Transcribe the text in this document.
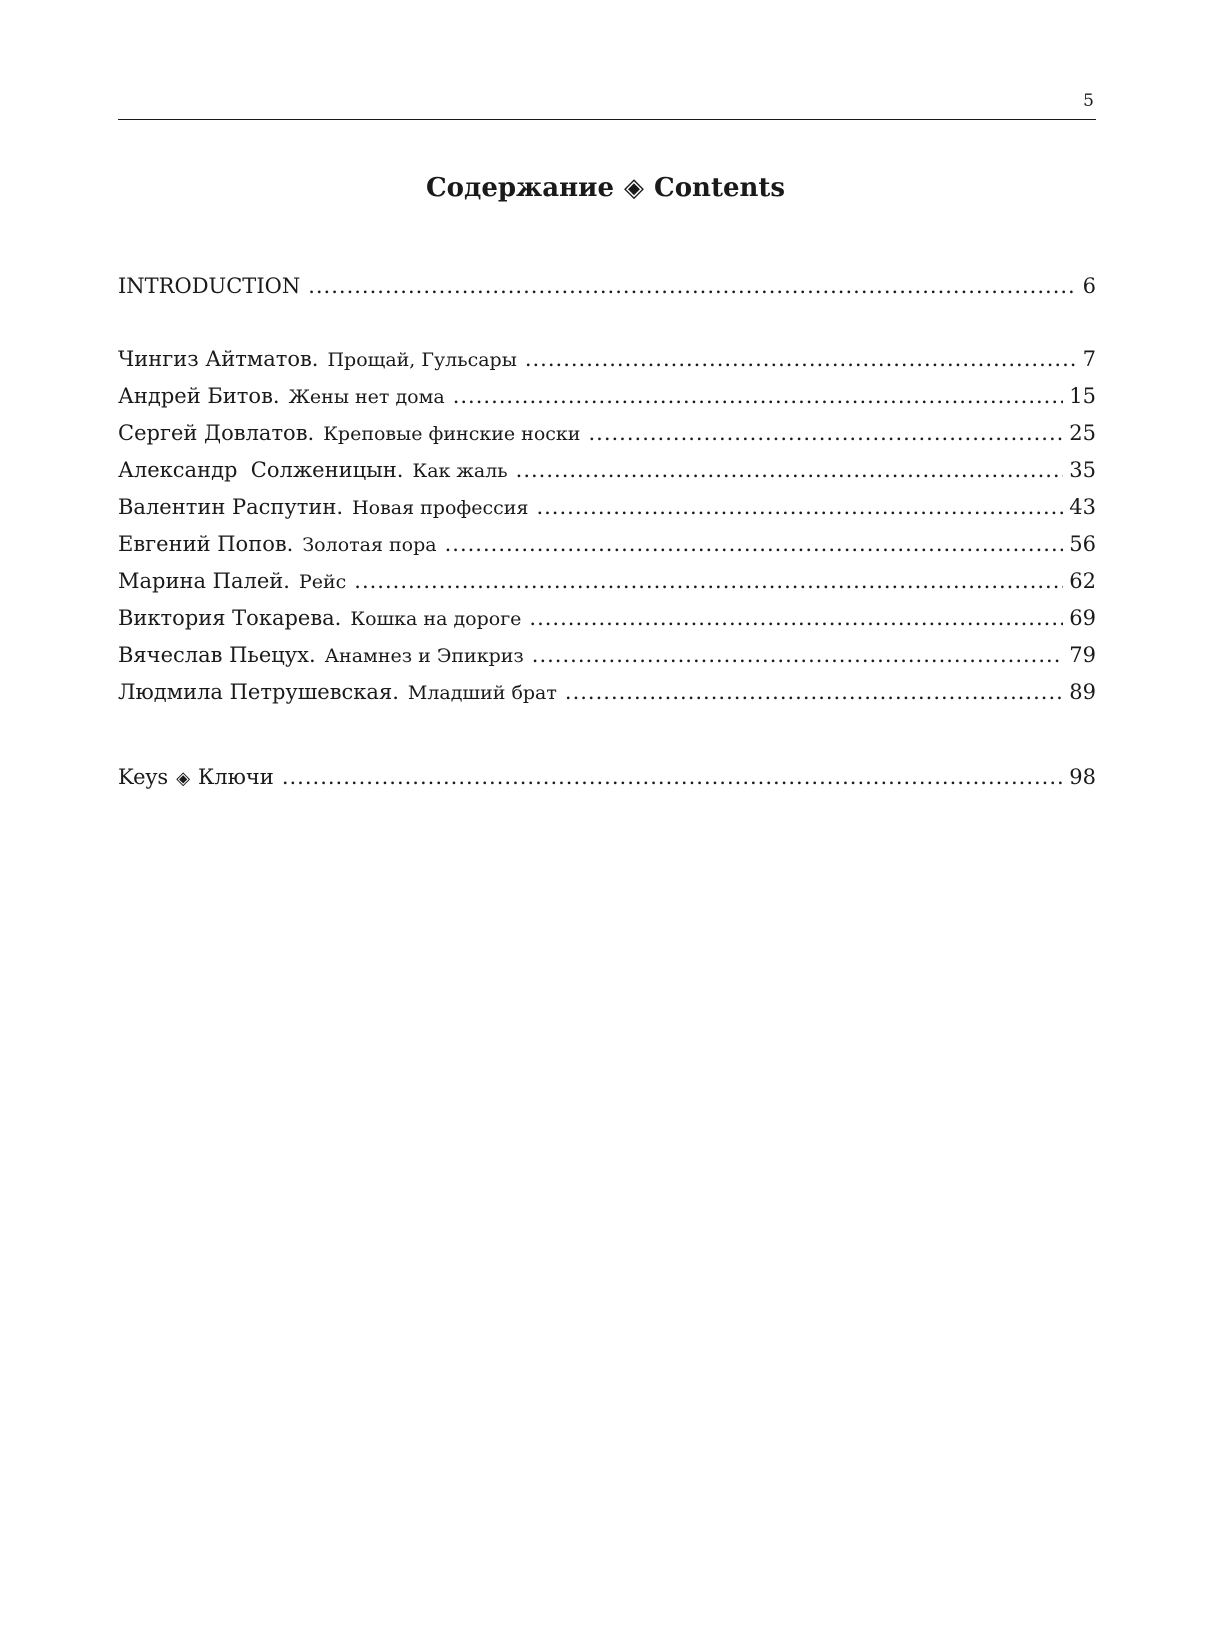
5
Содержание ◈ Contents
INTRODUCTION .....	6
Чингиз Айтматов. Прощай, Гульсары .....	7
Андрей Битов. Жены нет дома .....	15
Сергей Довлатов. Креповые финские носки .....	25
Александр  Солженицын. Как жаль .....	35
Валентин Распутин. Новая профессия .....	43
Евгений Попов. Золотая пора .....	56
Марина Палей. Рейс .....	62
Виктория Токарева. Кошка на дороге .....	69
Вячеслав Пьецух. Анамнез и Эпикриз .....	79
Людмила Петрушевская. Младший брат .....	89
Keys ◈ Ключи .....	98
